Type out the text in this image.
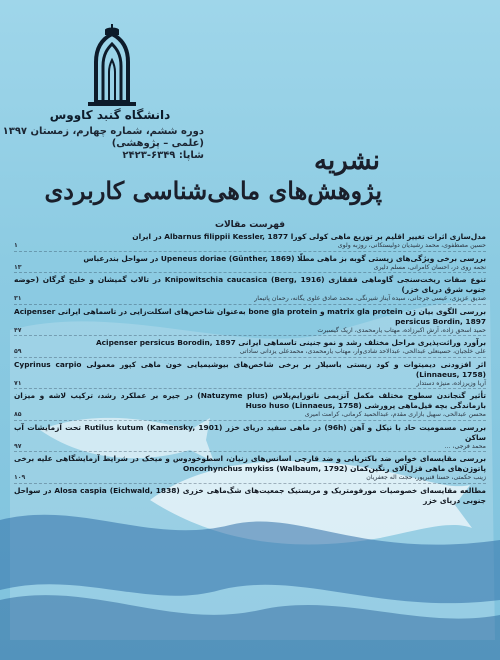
دانشگاه گنبد کاووس
دوره ششم، شماره چهارم، زمستان ۱۳۹۷
(علمی – پژوهشی)
شاپا: ۶۳۴۹-۲۴۲۳	نشریه
پژوهش‌های ماهی‌شناسی کاربردی
فهرست مقالات
مدل‌سازی اثرات تغییر اقلیم بر توزیع ماهی کولی کورا Albarnus filippii Kessler, 1877 در ایران
حسین مصطفوی، محمد رشیدیان دولیستکانی، روزبه ولوی
۱
بررسی برخی ویژگی‌های زیستی گوبه بز ماهی مطلّا Upeneus doriae (Günther, 1869) در سواحل بندرعباس
نجمه روی در، احسان کامرانی، مسلم دلیری
۱۳
تنوع صفات ریخت‌سنجی گاوماهی قفقازی Knipowitschia caucasica (Berg, 1916) در تالاب گمیشان و خلیج گرگان (حوضه جنوب شرق دریای خزر)
صدیق عزیزی، عیسی جرجانی، سیده آیناز شیرنگی، محمد صادق علوی یگانه، رحمان پاتیمار
۳۱
بررسی الگوی بیان ژن matrix gla protein و bone gla protein به‌عنوان شاخص‌های اسکلت‌زایی در تاسماهی ایرانی Acipenser persicus Bordin, 1897
حمید اسحق زاده، آرش اکبرزاده، مهتاب یارمحمدی، اریک گیسبرت
۴۷
برآورد وراثت‌پذیری مراحل مختلف رشد و نمو جنینی تاسماهی ایرانی Acipenser persicus Borodin, 1897
علی خلجیان، حسینعلی عبدالحی، عبدالاحد شادی‌وار، مهتاب یارمحمدی، محمدعلی یزدانی ساداتی
۵۹
اثر افزودنی دیمیتوات و کود زیستی باسیلار بر برخی شاخص‌های بیوشیمیایی خون ماهی کپور معمولی Cyprinus carpio (Linnaeus, 1758)
آریا وزیرزاده، منیژه دستدار
۷۱
تأثیر گنجاندن سطوح مختلف مکمل آنزیمی ناتوزایم‌پلاس (Natuzyme plus) در جیره بر عملکرد رشد، ترکیب لاشه و میزان بازماندگی بچه فیل‌ماهی پرورشی Huso huso (Linnaeus, 1758)
محسن عبدالحی، سهیل بازاری مقدم، عبدالحمید کرمانی، کرامت امیری
۸۵
بررسی مسمومیت حاد با نیکل و آهن (96h) در ماهی سفید دریای خزر Rutilus kutum (Kamensky, 1901) تحت آزمایشات آب ساکن
محمد فرجی، ...
۹۷
بررسی مقایسه‌ای خواص ضد باکتریایی و ضد قارچی اسانس‌های زنیان، اسطوخودوس و میخک در شرایط آزمایشگاهی علیه برخی پاتوژن‌های ماهی قزل‌آلای رنگین‌کمان Oncorhynchus mykiss (Walbaum, 1792)
زینب حکمتی، حسنا قنبرپور، حجت اله جعفریان
۱۰۹
مطالعه مقایسه‌ای خصوصیات مورفومتریک و مریستیک جمعیت‌های شگ‌ماهی خزری Alosa caspia (Eichwald, 1838) در سواحل جنوبی دریای خزر
